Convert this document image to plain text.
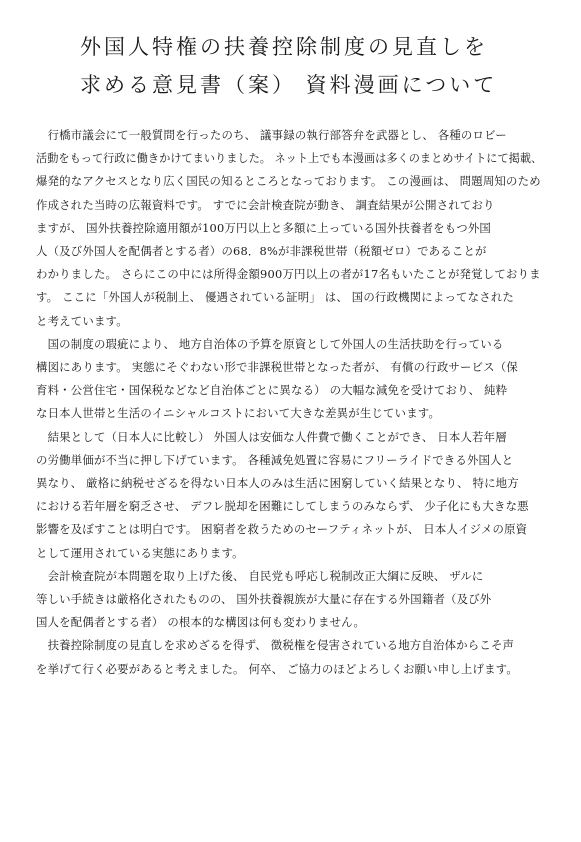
外国人特権の扶養控除制度の見直しを
求める意見書（案） 資料漫画について
　行橋市議会にて一般質問を行ったのち、 議事録の執行部答弁を武器とし、 各種のロビー
活動をもって行政に働きかけてまいりました。 ネット上でも本漫画は多くのまとめサイトにて掲載、
爆発的なアクセスとなり広く国民の知るところとなっております。 この漫画は、 問題周知のため
作成された当時の広報資料です。 すでに会計検査院が動き、 調査結果が公開されており
ますが、 国外扶養控除適用額が100万円以上と多額に上っている国外扶養者をもつ外国
人（及び外国人を配偶者とする者）の68．8%が非課税世帯（税額ゼロ）であることが
わかりました。 さらにこの中には所得金額900万円以上の者が17名もいたことが発覚しておりま
す。 ここに「外国人が税制上、 優遇されている証明」 は、 国の行政機関によってなされた
と考えています。
　国の制度の瑕疵により、 地方自治体の予算を原資として外国人の生活扶助を行っている
構図にあります。 実態にそぐわない形で非課税世帯となった者が、 有償の行政サービス（保
育料・公営住宅・国保税などなど自治体ごとに異なる） の大幅な減免を受けており、 純粋
な日本人世帯と生活のイニシャルコストにおいて大きな差異が生じています。
　結果として（日本人に比較し） 外国人は安価な人件費で働くことができ、 日本人若年層
の労働単価が不当に押し下げています。 各種減免処置に容易にフリーライドできる外国人と
異なり、 厳格に納税せざるを得ない日本人のみは生活に困窮していく結果となり、 特に地方
における若年層を窮乏させ、 デフレ脱却を困難にしてしまうのみならず、 少子化にも大きな悪
影響を及ぼすことは明白です。 困窮者を救うためのセーフティネットが、 日本人イジメの原資
として運用されている実態にあります。
　会計検査院が本問題を取り上げた後、 自民党も呼応し税制改正大綱に反映、 ザルに
等しい手続きは厳格化されたものの、 国外扶養親族が大量に存在する外国籍者（及び外
国人を配偶者とする者） の根本的な構図は何も変わりません。
　扶養控除制度の見直しを求めざるを得ず、 徴税権を侵害されている地方自治体からこそ声
を挙げて行く必要があると考えました。 何卒、 ご協力のほどよろしくお願い申し上げます。
